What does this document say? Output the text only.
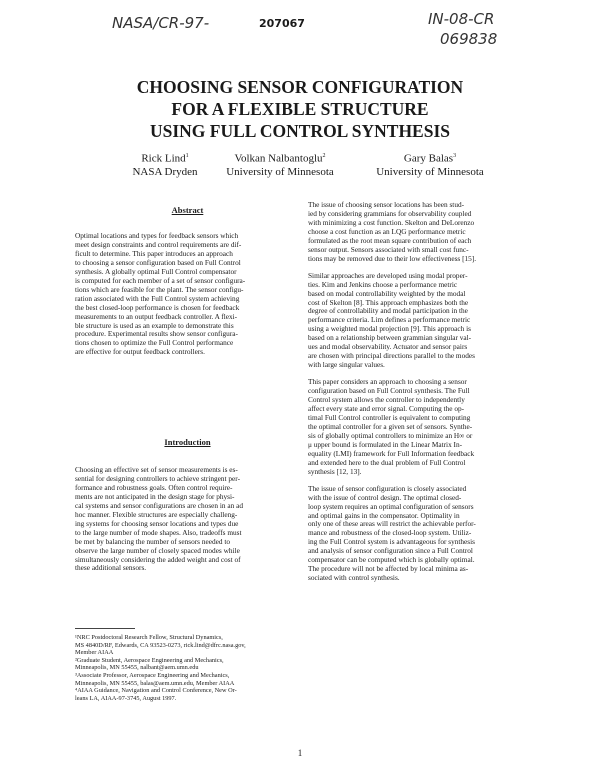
NASA/CR-97-	207067	IN-08-CR
069838
CHOOSING SENSOR CONFIGURATION
FOR A FLEXIBLE STRUCTURE
USING FULL CONTROL SYNTHESIS
Rick Lind$^1$
NASA Dryden
Volkan Nalbantoglu$^2$
University of Minnesota
Gary Balas$^3$
University of Minnesota
Abstract
Optimal locations and types for feedback sensors which
meet design constraints and control requirements are dif-
ficult to determine. This paper introduces an approach
to choosing a sensor configuration based on Full Control
synthesis. A globally optimal Full Control compensator
is computed for each member of a set of sensor configura-
tions which are feasible for the plant. The sensor configu-
ration associated with the Full Control system achieving
the best closed-loop performance is chosen for feedback
measurements to an output feedback controller. A flexi-
ble structure is used as an example to demonstrate this
procedure. Experimental results show sensor configura-
tions chosen to optimize the Full Control performance
are effective for output feedback controllers.
Introduction
Choosing an effective set of sensor measurements is es-
sential for designing controllers to achieve stringent per-
formance and robustness goals. Often control require-
ments are not anticipated in the design stage for physi-
cal systems and sensor configurations are chosen in an ad
hoc manner. Flexible structures are especially challeng-
ing systems for choosing sensor locations and types due
to the large number of mode shapes. Also, tradeoffs must
be met by balancing the number of sensors needed to
observe the large number of closely spaced modes while
simultaneously considering the added weight and cost of
these additional sensors.
¹NRC Postdoctoral Research Fellow, Structural Dynamics,
MS 4840D/RF, Edwards, CA 93523-0273, rick.lind@dfrc.nasa.gov,
Member AIAA
²Graduate Student, Aerospace Engineering and Mechanics,
Minneapolis, MN 55455, nalbant@aem.umn.edu
³Associate Professor, Aerospace Engineering and Mechanics,
Minneapolis, MN 55455, balas@aem.umn.edu, Member AIAA
⁴AIAA Guidance, Navigation and Control Conference, New Or-
leans LA, AIAA-97-3745, August 1997.

The issue of choosing sensor locations has been stud-
ied by considering grammians for observability coupled
with minimizing a cost function. Skelton and DeLorenzo
choose a cost function as an LQG performance metric
formulated as the root mean square contribution of each
sensor output. Sensors associated with small cost func-
tions may be removed due to their low effectiveness [15].

Similar approaches are developed using modal proper-
ties. Kim and Jenkins choose a performance metric
based on modal controllability weighted by the modal
cost of Skelton [8]. This approach emphasizes both the
degree of controllability and modal participation in the
performance criteria. Lim defines a performance metric
using a weighted modal projection [9]. This approach is
based on a relationship between grammian singular val-
ues and modal observability. Actuator and sensor pairs
are chosen with principal directions parallel to the modes
with large singular values.

This paper considers an approach to choosing a sensor
configuration based on Full Control synthesis. The Full
Control system allows the controller to independently
affect every state and error signal. Computing the op-
timal Full Control controller is equivalent to computing
the optimal controller for a given set of sensors. Synthe-
sis of globally optimal controllers to minimize an H∞ or
μ upper bound is formulated in the Linear Matrix In-
equality (LMI) framework for Full Information feedback
and extended here to the dual problem of Full Control
synthesis [12, 13].

The issue of sensor configuration is closely associated
with the issue of control design. The optimal closed-
loop system requires an optimal configuration of sensors
and optimal gains in the compensator. Optimality in
only one of these areas will restrict the achievable perfor-
mance and robustness of the closed-loop system. Utiliz-
ing the Full Control system is advantageous for synthesis
and analysis of sensor configuration since a Full Control
compensator can be computed which is globally optimal.
The procedure will not be affected by local minima as-
sociated with control synthesis.

1
